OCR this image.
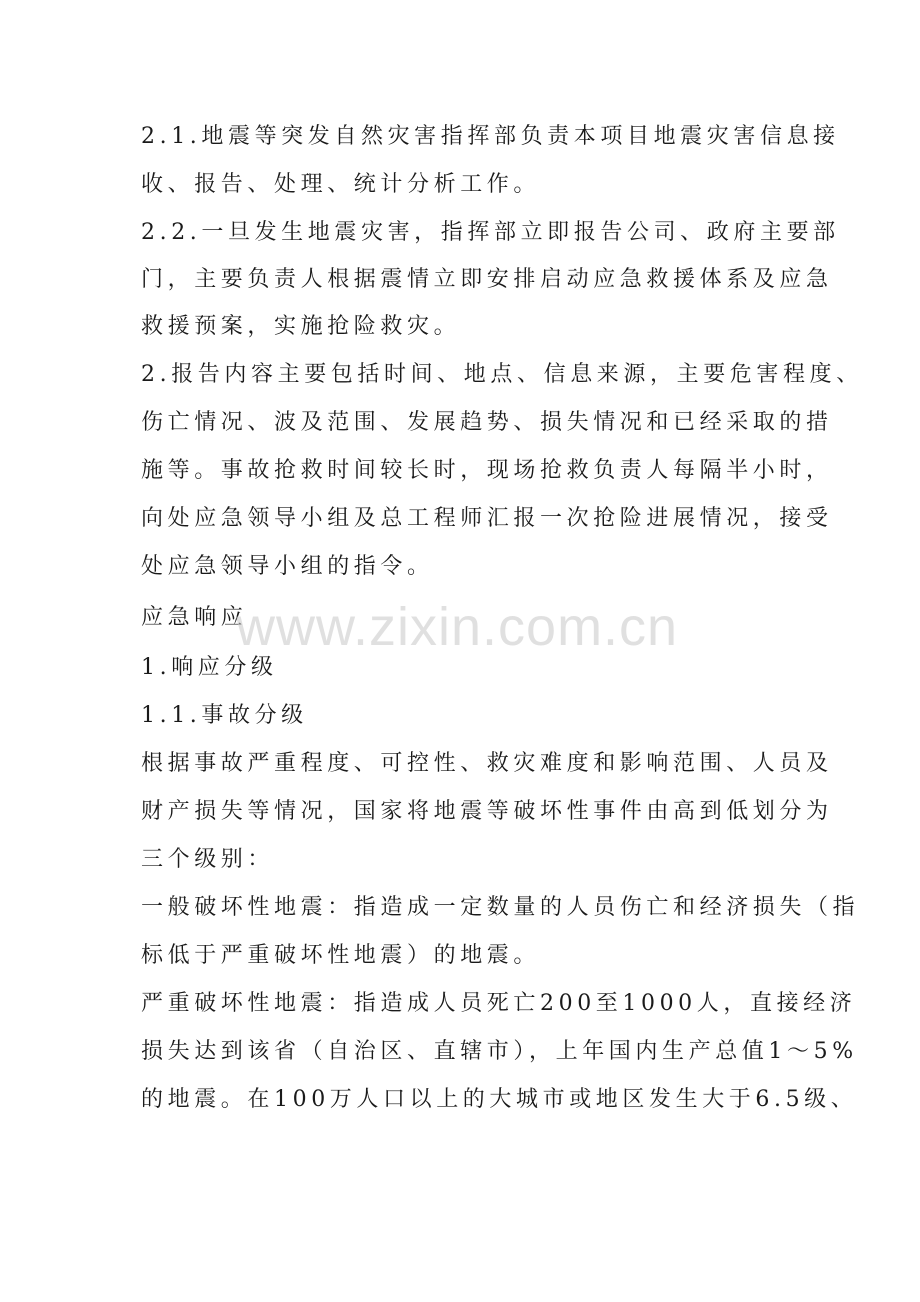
2.1.地震等突发自然灾害指挥部负责本项目地震灾害信息接
收、报告、处理、统计分析工作。
2.2.一旦发生地震灾害，指挥部立即报告公司、政府主要部
门，主要负责人根据震情立即安排启动应急救援体系及应急
救援预案，实施抢险救灾。
2.报告内容主要包括时间、地点、信息来源，主要危害程度、
伤亡情况、波及范围、发展趋势、损失情况和已经采取的措
施等。事故抢救时间较长时，现场抢救负责人每隔半小时，
向处应急领导小组及总工程师汇报一次抢险进展情况，接受
处应急领导小组的指令。
应急响应
1.响应分级
1.1.事故分级
根据事故严重程度、可控性、救灾难度和影响范围、人员及
财产损失等情况，国家将地震等破坏性事件由高到低划分为
三个级别：
一般破坏性地震：指造成一定数量的人员伤亡和经济损失（指
标低于严重破坏性地震）的地震。
严重破坏性地震：指造成人员死亡200至1000人，直接经济
损失达到该省（自治区、直辖市），上年国内生产总值1～5%
的地震。在100万人口以上的大城市或地区发生大于6.5级、
www.zixin.com.cn
